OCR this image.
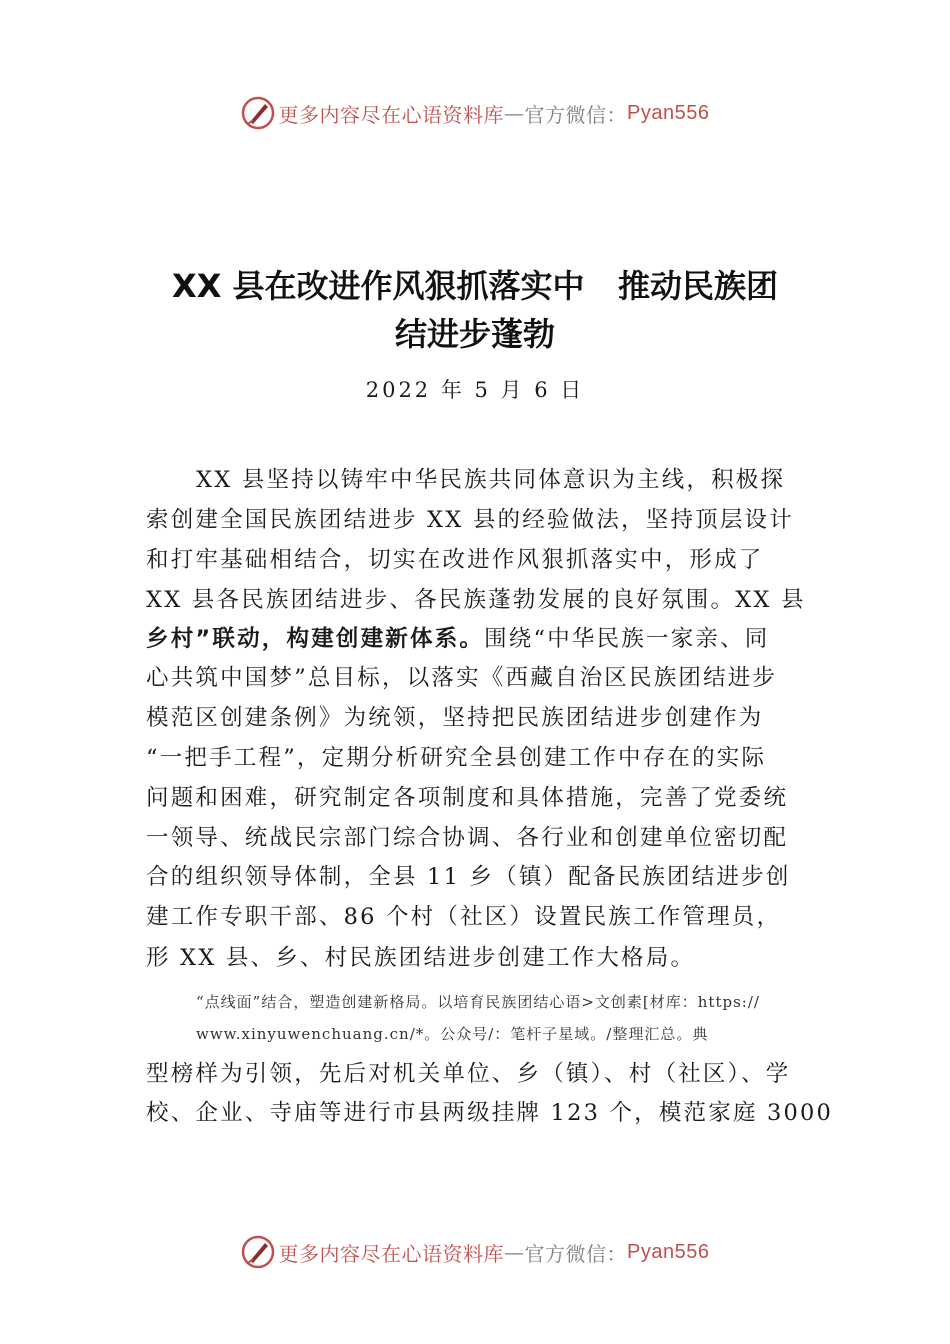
更多内容尽在心语资料库 — 官方微信： Pyan556
XX 县在改进作风狠抓落实中   推动民族团
结进步蓬勃
2022 年 5 月 6 日
XX 县坚持以铸牢中华民族共同体意识为主线，积极探
索创建全国民族团结进步 XX 县的经验做法，坚持顶层设计
和打牢基础相结合，切实在改进作风狠抓落实中，形成了
XX 县各民族团结进步、各民族蓬勃发展的良好氛围。XX 县
乡村”联动，构建创建新体系。围绕“中华民族一家亲、同
心共筑中国梦”总目标，以落实《西藏自治区民族团结进步
模范区创建条例》为统领，坚持把民族团结进步创建作为
“一把手工程”，定期分析研究全县创建工作中存在的实际
问题和困难，研究制定各项制度和具体措施，完善了党委统
一领导、统战民宗部门综合协调、各行业和创建单位密切配
合的组织领导体制，全县 11 乡（镇）配备民族团结进步创
建工作专职干部、86 个村（社区）设置民族工作管理员，
形 XX 县、乡、村民族团结进步创建工作大格局。
“点线面”结合，塑造创建新格局。以培育民族团结心语>文创素[材库：https://
www.xinyuwenchuang.cn/*。公众号/：笔杆子星域。/整理汇总。典
型榜样为引领，先后对机关单位、乡（镇）、村（社区）、学
校、企业、寺庙等进行市县两级挂牌 123 个，模范家庭 3000
更多内容尽在心语资料库 — 官方微信： Pyan556
